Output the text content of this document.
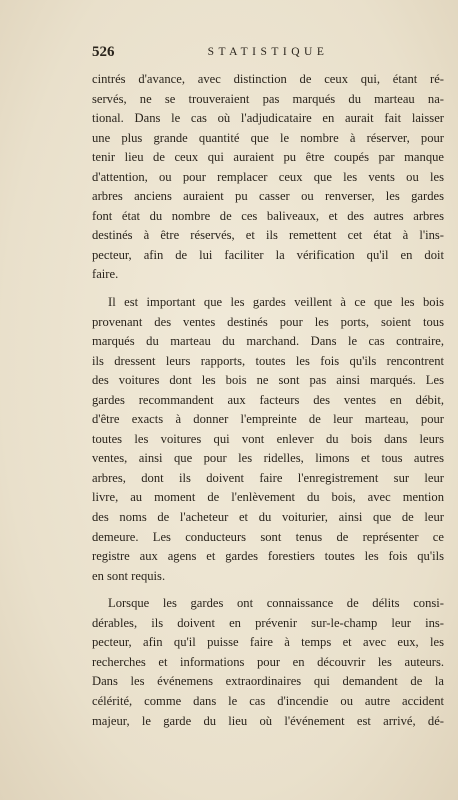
526	STATISTIQUE

cintrés d'avance, avec distinction de ceux qui, étant ré-
servés, ne se trouveraient pas marqués du marteau na-
tional. Dans le cas où l'adjudicataire en aurait fait laisser
une plus grande quantité que le nombre à réserver, pour
tenir lieu de ceux qui auraient pu être coupés par manque
d'attention, ou pour remplacer ceux que les vents ou les
arbres anciens auraient pu casser ou renverser, les gardes
font état du nombre de ces baliveaux, et des autres arbres
destinés à être réservés, et ils remettent cet état à l'ins-
pecteur, afin de lui faciliter la vérification qu'il en doit
faire.

Il est important que les gardes veillent à ce que les bois
provenant des ventes destinés pour les ports, soient tous
marqués du marteau du marchand. Dans le cas contraire,
ils dressent leurs rapports, toutes les fois qu'ils rencontrent
des voitures dont les bois ne sont pas ainsi marqués. Les
gardes recommandent aux facteurs des ventes en débit,
d'être exacts à donner l'empreinte de leur marteau, pour
toutes les voitures qui vont enlever du bois dans leurs
ventes, ainsi que pour les ridelles, limons et tous autres
arbres, dont ils doivent faire l'enregistrement sur leur
livre, au moment de l'enlèvement du bois, avec mention
des noms de l'acheteur et du voiturier, ainsi que de leur
demeure. Les conducteurs sont tenus de représenter ce
registre aux agens et gardes forestiers toutes les fois qu'ils
en sont requis.

Lorsque les gardes ont connaissance de délits consi-
dérables, ils doivent en prévenir sur-le-champ leur ins-
pecteur, afin qu'il puisse faire à temps et avec eux, les
recherches et informations pour en découvrir les auteurs.
Dans les événemens extraordinaires qui demandent de la
célérité, comme dans le cas d'incendie ou autre accident
majeur, le garde du lieu où l'événement est arrivé, dé-
